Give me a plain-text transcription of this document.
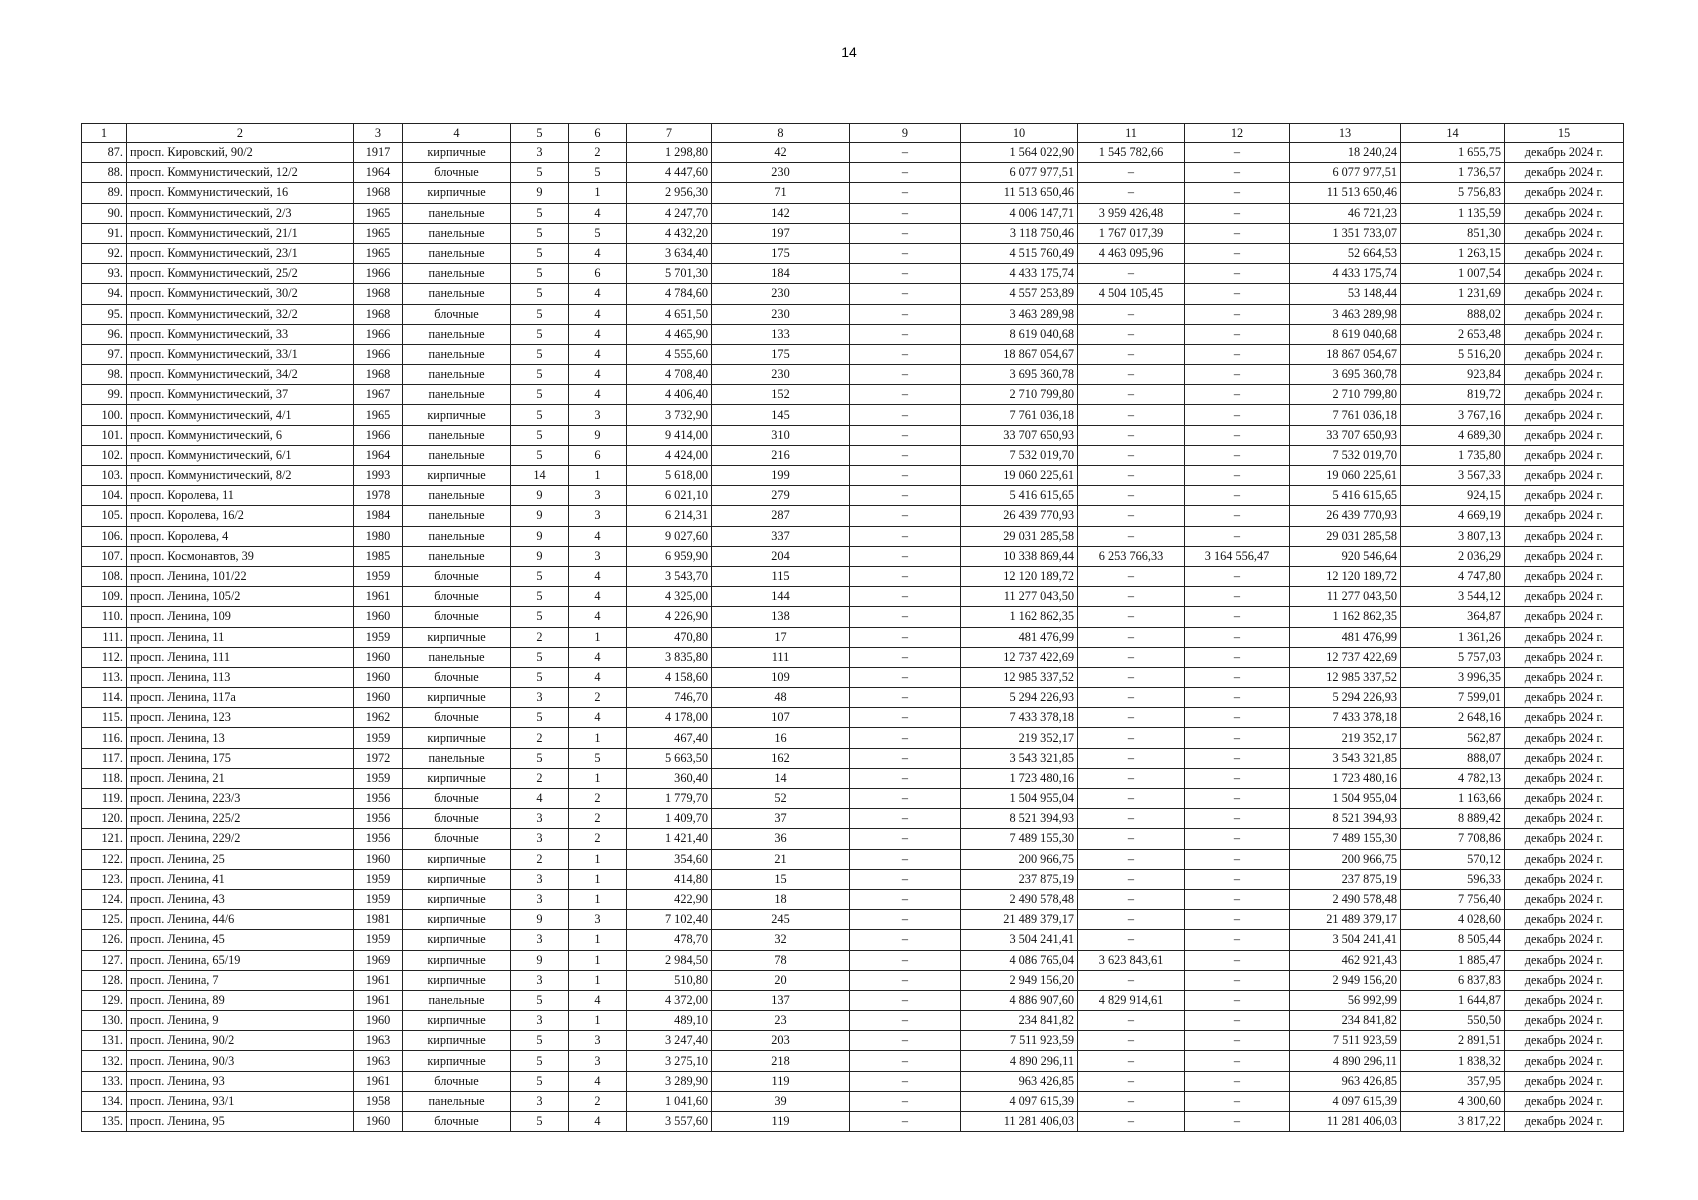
14
1	2	3	4	5	6	7	8	9	10	11	12	13	14	15
87.	просп. Кировский, 90/2	1917	кирпичные	3	2	1 298,80	42	–	1 564 022,90	1 545 782,66	–	18 240,24	1 655,75	декабрь 2024 г.
88.	просп. Коммунистический, 12/2	1964	блочные	5	5	4 447,60	230	–	6 077 977,51	–	–	6 077 977,51	1 736,57	декабрь 2024 г.
89.	просп. Коммунистический, 16	1968	кирпичные	9	1	2 956,30	71	–	11 513 650,46	–	–	11 513 650,46	5 756,83	декабрь 2024 г.
90.	просп. Коммунистический, 2/3	1965	панельные	5	4	4 247,70	142	–	4 006 147,71	3 959 426,48	–	46 721,23	1 135,59	декабрь 2024 г.
91.	просп. Коммунистический, 21/1	1965	панельные	5	5	4 432,20	197	–	3 118 750,46	1 767 017,39	–	1 351 733,07	851,30	декабрь 2024 г.
92.	просп. Коммунистический, 23/1	1965	панельные	5	4	3 634,40	175	–	4 515 760,49	4 463 095,96	–	52 664,53	1 263,15	декабрь 2024 г.
93.	просп. Коммунистический, 25/2	1966	панельные	5	6	5 701,30	184	–	4 433 175,74	–	–	4 433 175,74	1 007,54	декабрь 2024 г.
94.	просп. Коммунистический, 30/2	1968	панельные	5	4	4 784,60	230	–	4 557 253,89	4 504 105,45	–	53 148,44	1 231,69	декабрь 2024 г.
95.	просп. Коммунистический, 32/2	1968	блочные	5	4	4 651,50	230	–	3 463 289,98	–	–	3 463 289,98	888,02	декабрь 2024 г.
96.	просп. Коммунистический, 33	1966	панельные	5	4	4 465,90	133	–	8 619 040,68	–	–	8 619 040,68	2 653,48	декабрь 2024 г.
97.	просп. Коммунистический, 33/1	1966	панельные	5	4	4 555,60	175	–	18 867 054,67	–	–	18 867 054,67	5 516,20	декабрь 2024 г.
98.	просп. Коммунистический, 34/2	1968	панельные	5	4	4 708,40	230	–	3 695 360,78	–	–	3 695 360,78	923,84	декабрь 2024 г.
99.	просп. Коммунистический, 37	1967	панельные	5	4	4 406,40	152	–	2 710 799,80	–	–	2 710 799,80	819,72	декабрь 2024 г.
100.	просп. Коммунистический, 4/1	1965	кирпичные	5	3	3 732,90	145	–	7 761 036,18	–	–	7 761 036,18	3 767,16	декабрь 2024 г.
101.	просп. Коммунистический, 6	1966	панельные	5	9	9 414,00	310	–	33 707 650,93	–	–	33 707 650,93	4 689,30	декабрь 2024 г.
102.	просп. Коммунистический, 6/1	1964	панельные	5	6	4 424,00	216	–	7 532 019,70	–	–	7 532 019,70	1 735,80	декабрь 2024 г.
103.	просп. Коммунистический, 8/2	1993	кирпичные	14	1	5 618,00	199	–	19 060 225,61	–	–	19 060 225,61	3 567,33	декабрь 2024 г.
104.	просп. Королева, 11	1978	панельные	9	3	6 021,10	279	–	5 416 615,65	–	–	5 416 615,65	924,15	декабрь 2024 г.
105.	просп. Королева, 16/2	1984	панельные	9	3	6 214,31	287	–	26 439 770,93	–	–	26 439 770,93	4 669,19	декабрь 2024 г.
106.	просп. Королева, 4	1980	панельные	9	4	9 027,60	337	–	29 031 285,58	–	–	29 031 285,58	3 807,13	декабрь 2024 г.
107.	просп. Космонавтов, 39	1985	панельные	9	3	6 959,90	204	–	10 338 869,44	6 253 766,33	3 164 556,47	920 546,64	2 036,29	декабрь 2024 г.
108.	просп. Ленина, 101/22	1959	блочные	5	4	3 543,70	115	–	12 120 189,72	–	–	12 120 189,72	4 747,80	декабрь 2024 г.
109.	просп. Ленина, 105/2	1961	блочные	5	4	4 325,00	144	–	11 277 043,50	–	–	11 277 043,50	3 544,12	декабрь 2024 г.
110.	просп. Ленина, 109	1960	блочные	5	4	4 226,90	138	–	1 162 862,35	–	–	1 162 862,35	364,87	декабрь 2024 г.
111.	просп. Ленина, 11	1959	кирпичные	2	1	470,80	17	–	481 476,99	–	–	481 476,99	1 361,26	декабрь 2024 г.
112.	просп. Ленина, 111	1960	панельные	5	4	3 835,80	111	–	12 737 422,69	–	–	12 737 422,69	5 757,03	декабрь 2024 г.
113.	просп. Ленина, 113	1960	блочные	5	4	4 158,60	109	–	12 985 337,52	–	–	12 985 337,52	3 996,35	декабрь 2024 г.
114.	просп. Ленина, 117а	1960	кирпичные	3	2	746,70	48	–	5 294 226,93	–	–	5 294 226,93	7 599,01	декабрь 2024 г.
115.	просп. Ленина, 123	1962	блочные	5	4	4 178,00	107	–	7 433 378,18	–	–	7 433 378,18	2 648,16	декабрь 2024 г.
116.	просп. Ленина, 13	1959	кирпичные	2	1	467,40	16	–	219 352,17	–	–	219 352,17	562,87	декабрь 2024 г.
117.	просп. Ленина, 175	1972	панельные	5	5	5 663,50	162	–	3 543 321,85	–	–	3 543 321,85	888,07	декабрь 2024 г.
118.	просп. Ленина, 21	1959	кирпичные	2	1	360,40	14	–	1 723 480,16	–	–	1 723 480,16	4 782,13	декабрь 2024 г.
119.	просп. Ленина, 223/3	1956	блочные	4	2	1 779,70	52	–	1 504 955,04	–	–	1 504 955,04	1 163,66	декабрь 2024 г.
120.	просп. Ленина, 225/2	1956	блочные	3	2	1 409,70	37	–	8 521 394,93	–	–	8 521 394,93	8 889,42	декабрь 2024 г.
121.	просп. Ленина, 229/2	1956	блочные	3	2	1 421,40	36	–	7 489 155,30	–	–	7 489 155,30	7 708,86	декабрь 2024 г.
122.	просп. Ленина, 25	1960	кирпичные	2	1	354,60	21	–	200 966,75	–	–	200 966,75	570,12	декабрь 2024 г.
123.	просп. Ленина, 41	1959	кирпичные	3	1	414,80	15	–	237 875,19	–	–	237 875,19	596,33	декабрь 2024 г.
124.	просп. Ленина, 43	1959	кирпичные	3	1	422,90	18	–	2 490 578,48	–	–	2 490 578,48	7 756,40	декабрь 2024 г.
125.	просп. Ленина, 44/6	1981	кирпичные	9	3	7 102,40	245	–	21 489 379,17	–	–	21 489 379,17	4 028,60	декабрь 2024 г.
126.	просп. Ленина, 45	1959	кирпичные	3	1	478,70	32	–	3 504 241,41	–	–	3 504 241,41	8 505,44	декабрь 2024 г.
127.	просп. Ленина, 65/19	1969	кирпичные	9	1	2 984,50	78	–	4 086 765,04	3 623 843,61	–	462 921,43	1 885,47	декабрь 2024 г.
128.	просп. Ленина, 7	1961	кирпичные	3	1	510,80	20	–	2 949 156,20	–	–	2 949 156,20	6 837,83	декабрь 2024 г.
129.	просп. Ленина, 89	1961	панельные	5	4	4 372,00	137	–	4 886 907,60	4 829 914,61	–	56 992,99	1 644,87	декабрь 2024 г.
130.	просп. Ленина, 9	1960	кирпичные	3	1	489,10	23	–	234 841,82	–	–	234 841,82	550,50	декабрь 2024 г.
131.	просп. Ленина, 90/2	1963	кирпичные	5	3	3 247,40	203	–	7 511 923,59	–	–	7 511 923,59	2 891,51	декабрь 2024 г.
132.	просп. Ленина, 90/3	1963	кирпичные	5	3	3 275,10	218	–	4 890 296,11	–	–	4 890 296,11	1 838,32	декабрь 2024 г.
133.	просп. Ленина, 93	1961	блочные	5	4	3 289,90	119	–	963 426,85	–	–	963 426,85	357,95	декабрь 2024 г.
134.	просп. Ленина, 93/1	1958	панельные	3	2	1 041,60	39	–	4 097 615,39	–	–	4 097 615,39	4 300,60	декабрь 2024 г.
135.	просп. Ленина, 95	1960	блочные	5	4	3 557,60	119	–	11 281 406,03	–	–	11 281 406,03	3 817,22	декабрь 2024 г.
